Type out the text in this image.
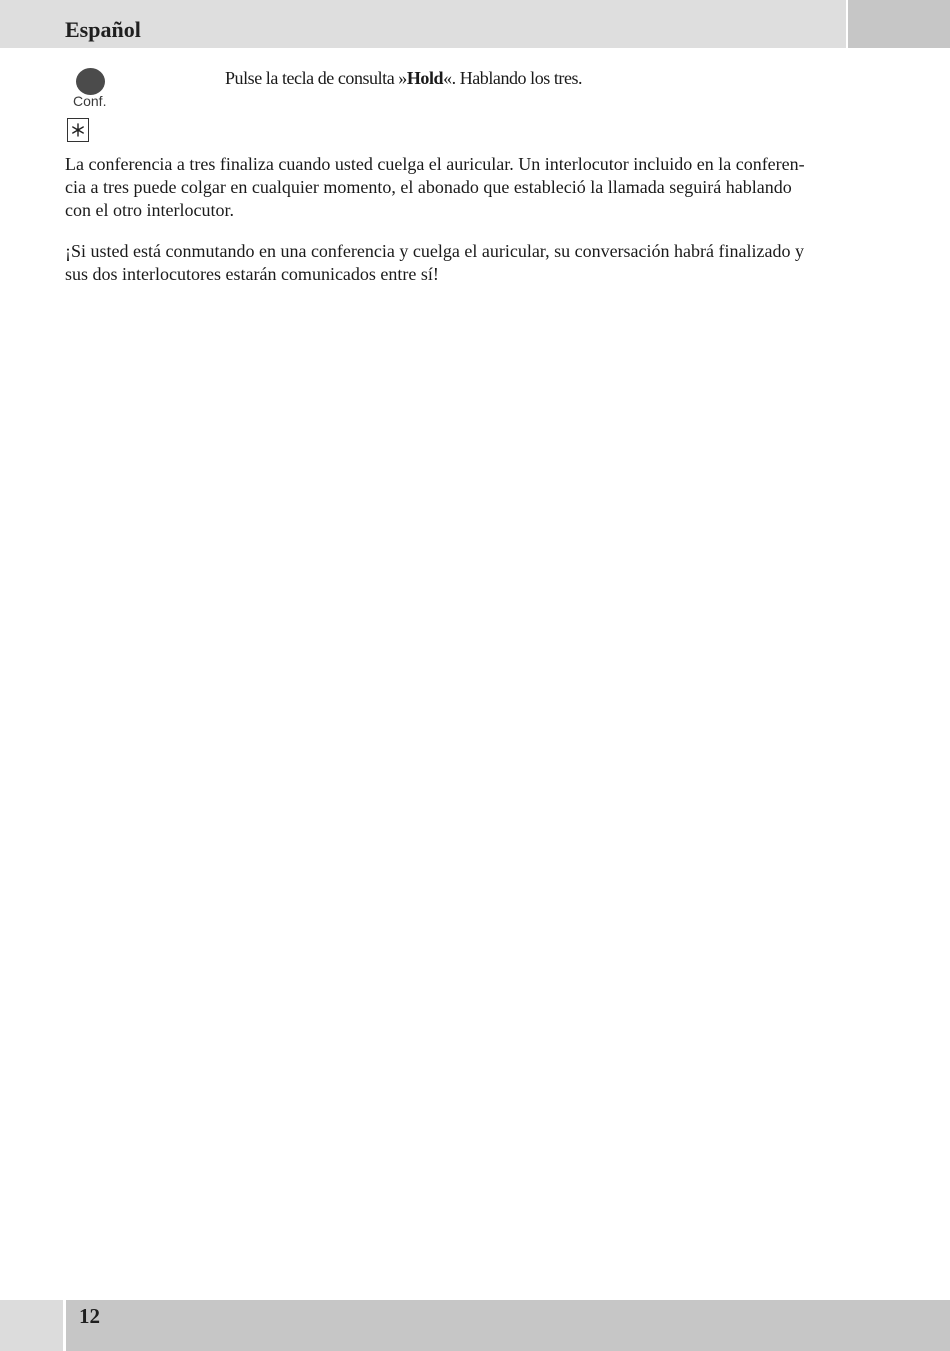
Español
Conf.
Pulse la tecla de consulta »Hold«. Hablando los tres.

La conferencia a tres finaliza cuando usted cuelga el auricular. Un interlocutor incluido en la conferen-
cia a tres puede colgar en cualquier momento, el abonado que estableció la llamada seguirá hablando
con el otro interlocutor.

¡Si usted está conmutando en una conferencia y cuelga el auricular, su conversación habrá finalizado y
sus dos interlocutores estarán comunicados entre sí!

12
